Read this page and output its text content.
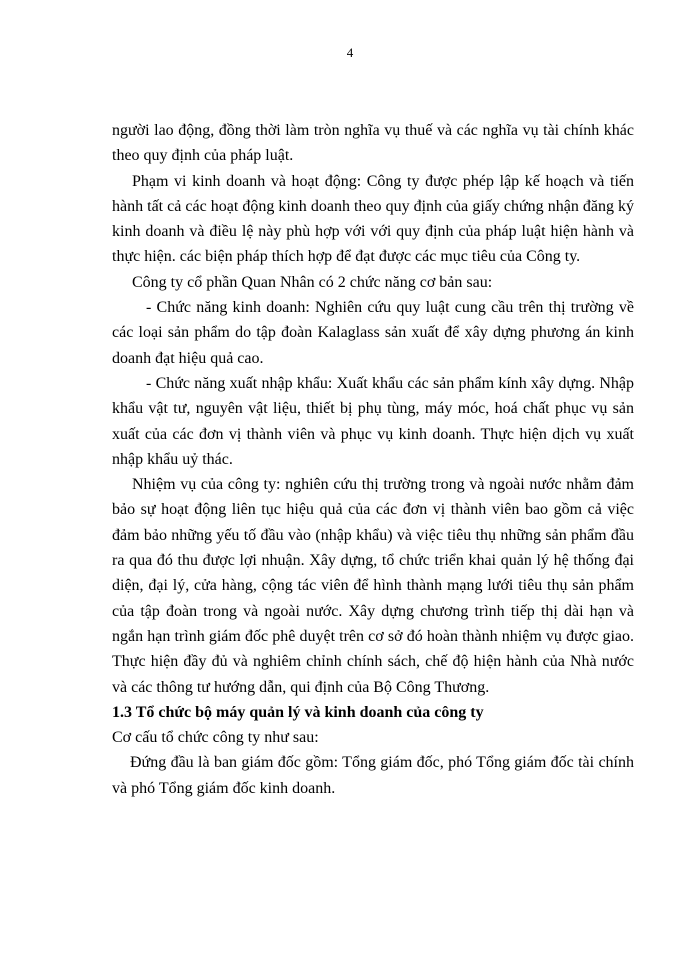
4

người lao động, đồng thời làm tròn nghĩa vụ thuế và các nghĩa vụ tài chính khác theo quy định của pháp luật.

Phạm vi kinh doanh và hoạt động: Công ty được phép lập kế hoạch và tiến hành tất cả các hoạt động kinh doanh theo quy định của giấy chứng nhận đăng ký kinh doanh và điều lệ này phù hợp với với quy định của pháp luật hiện hành và thực hiện. các biện pháp thích hợp để đạt được các mục tiêu của Công ty.

Công ty cổ phần Quan Nhân có 2 chức năng cơ bản sau:

- Chức năng kinh doanh: Nghiên cứu quy luật cung cầu trên thị trường về các loại sản phẩm do tập đoàn Kalaglass sản xuất để xây dựng phương án kinh doanh đạt hiệu quả cao.

- Chức năng xuất nhập khẩu: Xuất khẩu các sản phẩm kính xây dựng. Nhập khẩu vật tư, nguyên vật liệu, thiết bị phụ tùng, máy móc, hoá chất phục vụ sản xuất của các đơn vị thành viên và phục vụ kinh doanh. Thực hiện dịch vụ xuất nhập khẩu uỷ thác.

Nhiệm vụ của công ty: nghiên cứu thị trường trong và ngoài nước nhằm đảm bảo sự hoạt động liên tục hiệu quả của các đơn vị thành viên bao gồm cả việc đảm bảo những yếu tố đầu vào (nhập khẩu) và việc tiêu thụ những sản phẩm đầu ra qua đó thu được lợi nhuận. Xây dựng, tổ chức triển khai quản lý hệ thống đại diện, đại lý, cửa hàng, cộng tác viên để hình thành mạng lưới tiêu thụ sản phẩm của tập đoàn trong và ngoài nước. Xây dựng chương trình tiếp thị dài hạn và ngắn hạn trình giám đốc phê duyệt trên cơ sở đó hoàn thành nhiệm vụ được giao. Thực hiện đầy đủ và nghiêm chỉnh chính sách, chế độ hiện hành của Nhà nước và các thông tư hướng dẫn, qui định của Bộ Công Thương.

1.3 Tổ chức bộ máy quản lý và kinh doanh của công ty

Cơ cấu tổ chức công ty như sau:

Đứng đầu là ban giám đốc gồm: Tổng giám đốc, phó Tổng giám đốc tài chính và phó Tổng giám đốc kinh doanh.
